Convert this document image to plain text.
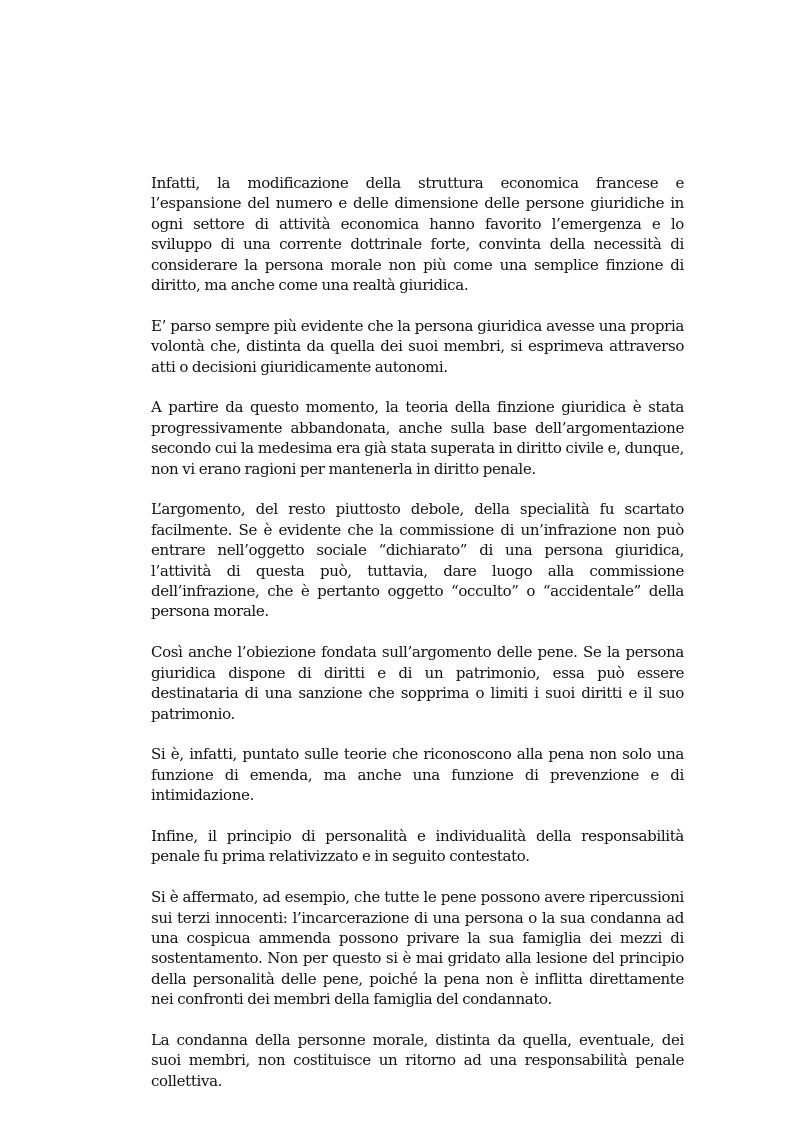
Infatti, la modificazione della struttura economica francese e l’espansione del numero e delle dimensione delle persone giuridiche in ogni settore di attività economica hanno favorito l’emergenza e lo sviluppo di una corrente dottrinale forte, convinta della necessità di considerare la persona morale non più come una semplice finzione di diritto, ma anche come una realtà giuridica.

E’ parso sempre più evidente che la persona giuridica avesse una propria volontà che, distinta da quella dei suoi membri, si esprimeva attraverso atti o decisioni giuridicamente autonomi.

A partire da questo momento, la teoria della finzione giuridica è stata progressivamente abbandonata, anche sulla base dell’argomentazione secondo cui la medesima era già stata superata in diritto civile e, dunque, non vi erano ragioni per mantenerla in diritto penale.

L’argomento, del resto piuttosto debole, della specialità fu scartato facilmente. Se è evidente che la commissione di un’infrazione non può entrare nell’oggetto sociale “dichiarato” di una persona giuridica, l’attività di questa può, tuttavia, dare luogo alla commissione dell’infrazione, che è pertanto oggetto “occulto” o “accidentale” della persona morale.

Così anche l’obiezione fondata sull’argomento delle pene. Se la persona giuridica dispone di diritti e di un patrimonio, essa può essere destinataria di una sanzione che sopprima o limiti i suoi diritti e il suo patrimonio.

Si è, infatti, puntato sulle teorie che riconoscono alla pena non solo una funzione di emenda, ma anche una funzione di prevenzione e di intimidazione.

Infine, il principio di personalità e individualità della responsabilità penale fu prima relativizzato e in seguito contestato.

Si è affermato, ad esempio, che tutte le pene possono avere ripercussioni sui terzi innocenti: l’incarcerazione di una persona o la sua condanna ad una cospicua ammenda possono privare la sua famiglia dei mezzi di sostentamento. Non per questo si è mai gridato alla lesione del principio della personalità delle pene, poiché la pena non è inflitta direttamente nei confronti dei membri della famiglia del condannato.

La condanna della personne morale, distinta da quella, eventuale, dei suoi membri, non costituisce un ritorno ad una responsabilità penale collettiva.
